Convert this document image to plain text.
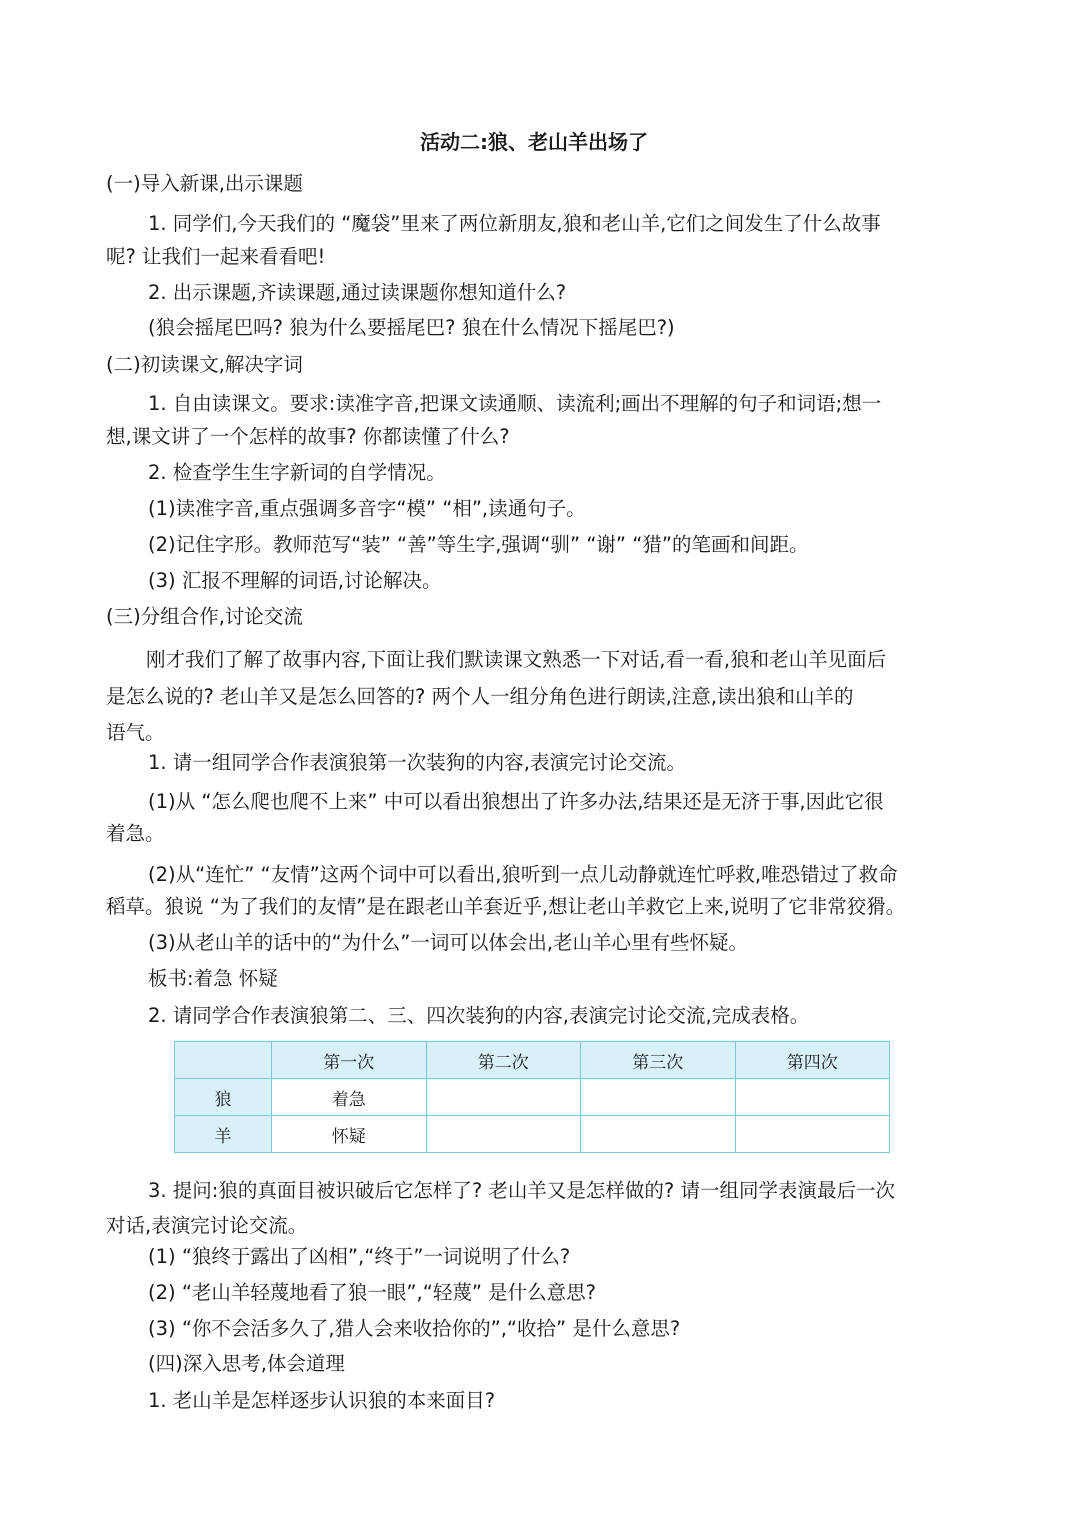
活动二:狼、老山羊出场了
(一)导入新课,出示课题
1. 同学们,今天我们的 “魔袋”里来了两位新朋友,狼和老山羊,它们之间发生了什么故事
呢? 让我们一起来看看吧!
2. 出示课题,齐读课题,通过读课题你想知道什么?
(狼会摇尾巴吗? 狼为什么要摇尾巴? 狼在什么情况下摇尾巴?)
(二)初读课文,解决字词
1. 自由读课文。要求:读准字音,把课文读通顺、读流利;画出不理解的句子和词语;想一
想,课文讲了一个怎样的故事? 你都读懂了什么?
2. 检查学生生字新词的自学情况。
(1)读准字音,重点强调多音字“模” “相”,读通句子。
(2)记住字形。教师范写“装” “善”等生字,强调“驯” “谢” “猎”的笔画和间距。
(3) 汇报不理解的词语,讨论解决。
(三)分组合作,讨论交流
刚才我们了解了故事内容,下面让我们默读课文熟悉一下对话,看一看,狼和老山羊见面后
是怎么说的? 老山羊又是怎么回答的? 两个人一组分角色进行朗读,注意,读出狼和山羊的
语气。
1. 请一组同学合作表演狼第一次装狗的内容,表演完讨论交流。
(1)从 “怎么爬也爬不上来” 中可以看出狼想出了许多办法,结果还是无济于事,因此它很
着急。
(2)从“连忙” “友情”这两个词中可以看出,狼听到一点儿动静就连忙呼救,唯恐错过了救命
稻草。狼说 “为了我们的友情”是在跟老山羊套近乎,想让老山羊救它上来,说明了它非常狡猾。
(3)从老山羊的话中的“为什么”一词可以体会出,老山羊心里有些怀疑。
板书:着急 怀疑
2. 请同学合作表演狼第二、三、四次装狗的内容,表演完讨论交流,完成表格。
	第一次	第二次	第三次	第四次
狼	着急			
羊	怀疑			
3. 提问:狼的真面目被识破后它怎样了? 老山羊又是怎样做的? 请一组同学表演最后一次
对话,表演完讨论交流。
(1) “狼终于露出了凶相”,“终于”一词说明了什么?
(2) “老山羊轻蔑地看了狼一眼”,“轻蔑” 是什么意思?
(3) “你不会活多久了,猎人会来收拾你的”,“收拾” 是什么意思?
(四)深入思考,体会道理
1. 老山羊是怎样逐步认识狼的本来面目?
